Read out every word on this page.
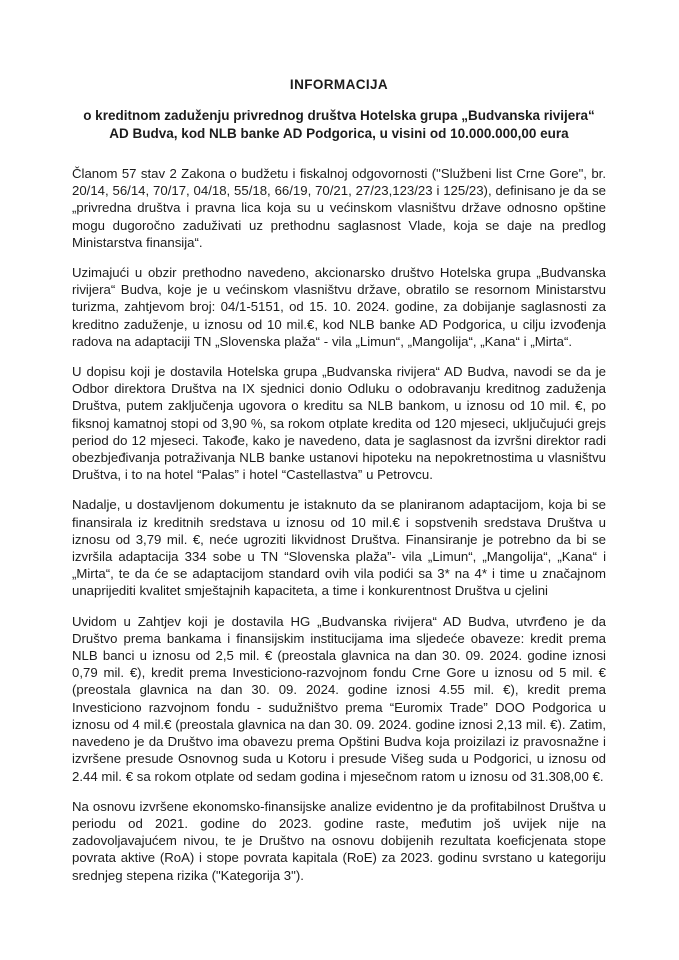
INFORMACIJA
o kreditnom zaduženju privrednog društva Hotelska grupa „Budvanska rivijera“ AD Budva, kod NLB banke AD Podgorica, u visini od 10.000.000,00 eura

Članom 57 stav 2 Zakona o budžetu i fiskalnoj odgovornosti ("Službeni list Crne Gore", br. 20/14, 56/14, 70/17, 04/18, 55/18, 66/19, 70/21, 27/23,123/23 i 125/23), definisano je da se „privredna društva i pravna lica koja su u većinskom vlasništvu države odnosno opštine mogu dugoročno zaduživati uz prethodnu saglasnost Vlade, koja se daje na predlog Ministarstva finansija“.

Uzimajući u obzir prethodno navedeno, akcionarsko društvo Hotelska grupa „Budvanska rivijera“ Budva, koje je u većinskom vlasništvu države, obratilo se resornom Ministarstvu turizma, zahtjevom broj: 04/1-5151, od 15. 10. 2024. godine, za dobijanje saglasnosti za kreditno zaduženje, u iznosu od 10 mil.€, kod NLB banke AD Podgorica, u cilju izvođenja radova na adaptaciji TN „Slovenska plaža“ - vila „Limun“, „Mangolija“, „Kana“ i „Mirta“.

U dopisu koji je dostavila Hotelska grupa „Budvanska rivijera“ AD Budva, navodi se da je Odbor direktora Društva na IX sjednici donio Odluku o odobravanju kreditnog zaduženja Društva, putem zaključenja ugovora o kreditu sa NLB bankom, u iznosu od 10 mil. €, po fiksnoj kamatnoj stopi od 3,90 %, sa rokom otplate kredita od 120 mjeseci, uključujući grejs period do 12 mjeseci. Takođe, kako je navedeno, data je saglasnost da izvršni direktor radi obezbjeđivanja potraživanja NLB banke ustanovi hipoteku na nepokretnostima u vlasništvu Društva, i to na hotel “Palas” i hotel “Castellastva” u Petrovcu.

Nadalje, u dostavljenom dokumentu je istaknuto da se planiranom adaptacijom, koja bi se finansirala iz kreditnih sredstava u iznosu od 10 mil.€ i sopstvenih sredstava Društva u iznosu od 3,79 mil. €, neće ugroziti likvidnost Društva. Finansiranje je potrebno da bi se izvršila adaptacija 334 sobe u TN “Slovenska plaža”- vila „Limun“, „Mangolija“, „Kana“ i „Mirta“, te da će se adaptacijom standard ovih vila podići sa 3* na 4* i time u značajnom unaprijediti kvalitet smještajnih kapaciteta, a time i konkurentnost Društva u cjelini

Uvidom u Zahtjev koji je dostavila HG „Budvanska rivijera“ AD Budva, utvrđeno je da Društvo prema bankama i finansijskim institucijama ima sljedeće obaveze: kredit prema NLB banci u iznosu od 2,5 mil. € (preostala glavnica na dan 30. 09. 2024. godine iznosi 0,79 mil. €), kredit prema Investiciono-razvojnom fondu Crne Gore u iznosu od 5 mil. € (preostala glavnica na dan 30. 09. 2024. godine iznosi 4.55 mil. €), kredit prema Investiciono razvojnom fondu - sudužništvo prema “Euromix Trade” DOO Podgorica u iznosu od 4 mil.€ (preostala glavnica na dan 30. 09. 2024. godine iznosi 2,13 mil. €). Zatim, navedeno je da Društvo ima obavezu prema Opštini Budva koja proizilazi iz pravosnažne i izvršene presude Osnovnog suda u Kotoru i presude Višeg suda u Podgorici, u iznosu od 2.44 mil. € sa rokom otplate od sedam godina i mjesečnom ratom u iznosu od 31.308,00 €.

Na osnovu izvršene ekonomsko-finansijske analize evidentno je da profitabilnost Društva u periodu od 2021. godine do 2023. godine raste, međutim još uvijek nije na zadovoljavajućem nivou, te je Društvo na osnovu dobijenih rezultata koeficjenata stope povrata aktive (RoA) i stope povrata kapitala (RoE) za 2023. godinu svrstano u kategoriju srednjeg stepena rizika ("Kategorija 3").
